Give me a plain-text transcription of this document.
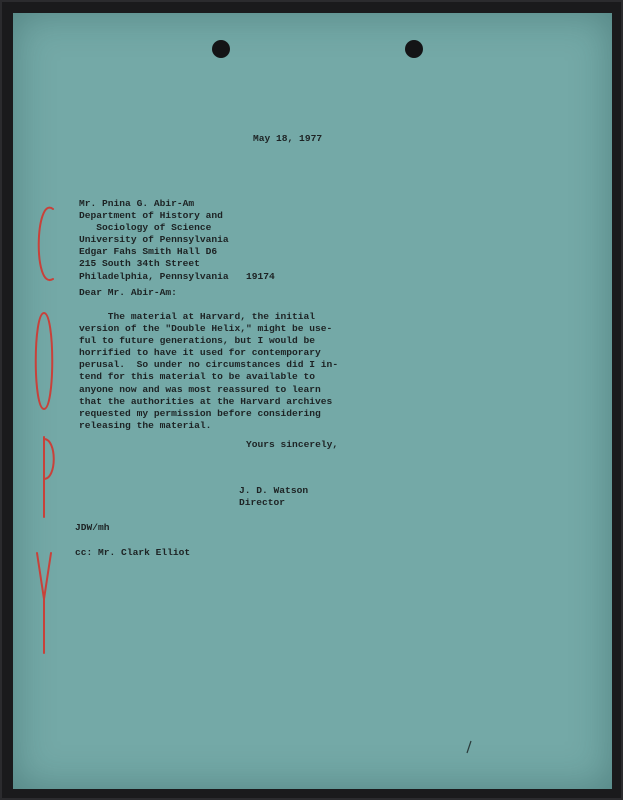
May 18, 1977
Mr. Pnina G. Abir-Am
Department of History and
Sociology of Science
University of Pennsylvania
Edgar Fahs Smith Hall D6
215 South 34th Street
Philadelphia, Pennsylvania   19174
Dear Mr. Abir-Am:
The material at Harvard, the initial
version of the "Double Helix," might be use-
ful to future generations, but I would be
horrified to have it used for contemporary
perusal.  So under no circumstances did I in-
tend for this material to be available to
anyone now and was most reassured to learn
that the authorities at the Harvard archives
requested my permission before considering
releasing the material.
Yours sincerely,
J. D. Watson
Director
JDW/mh
cc: Mr. Clark Elliot
